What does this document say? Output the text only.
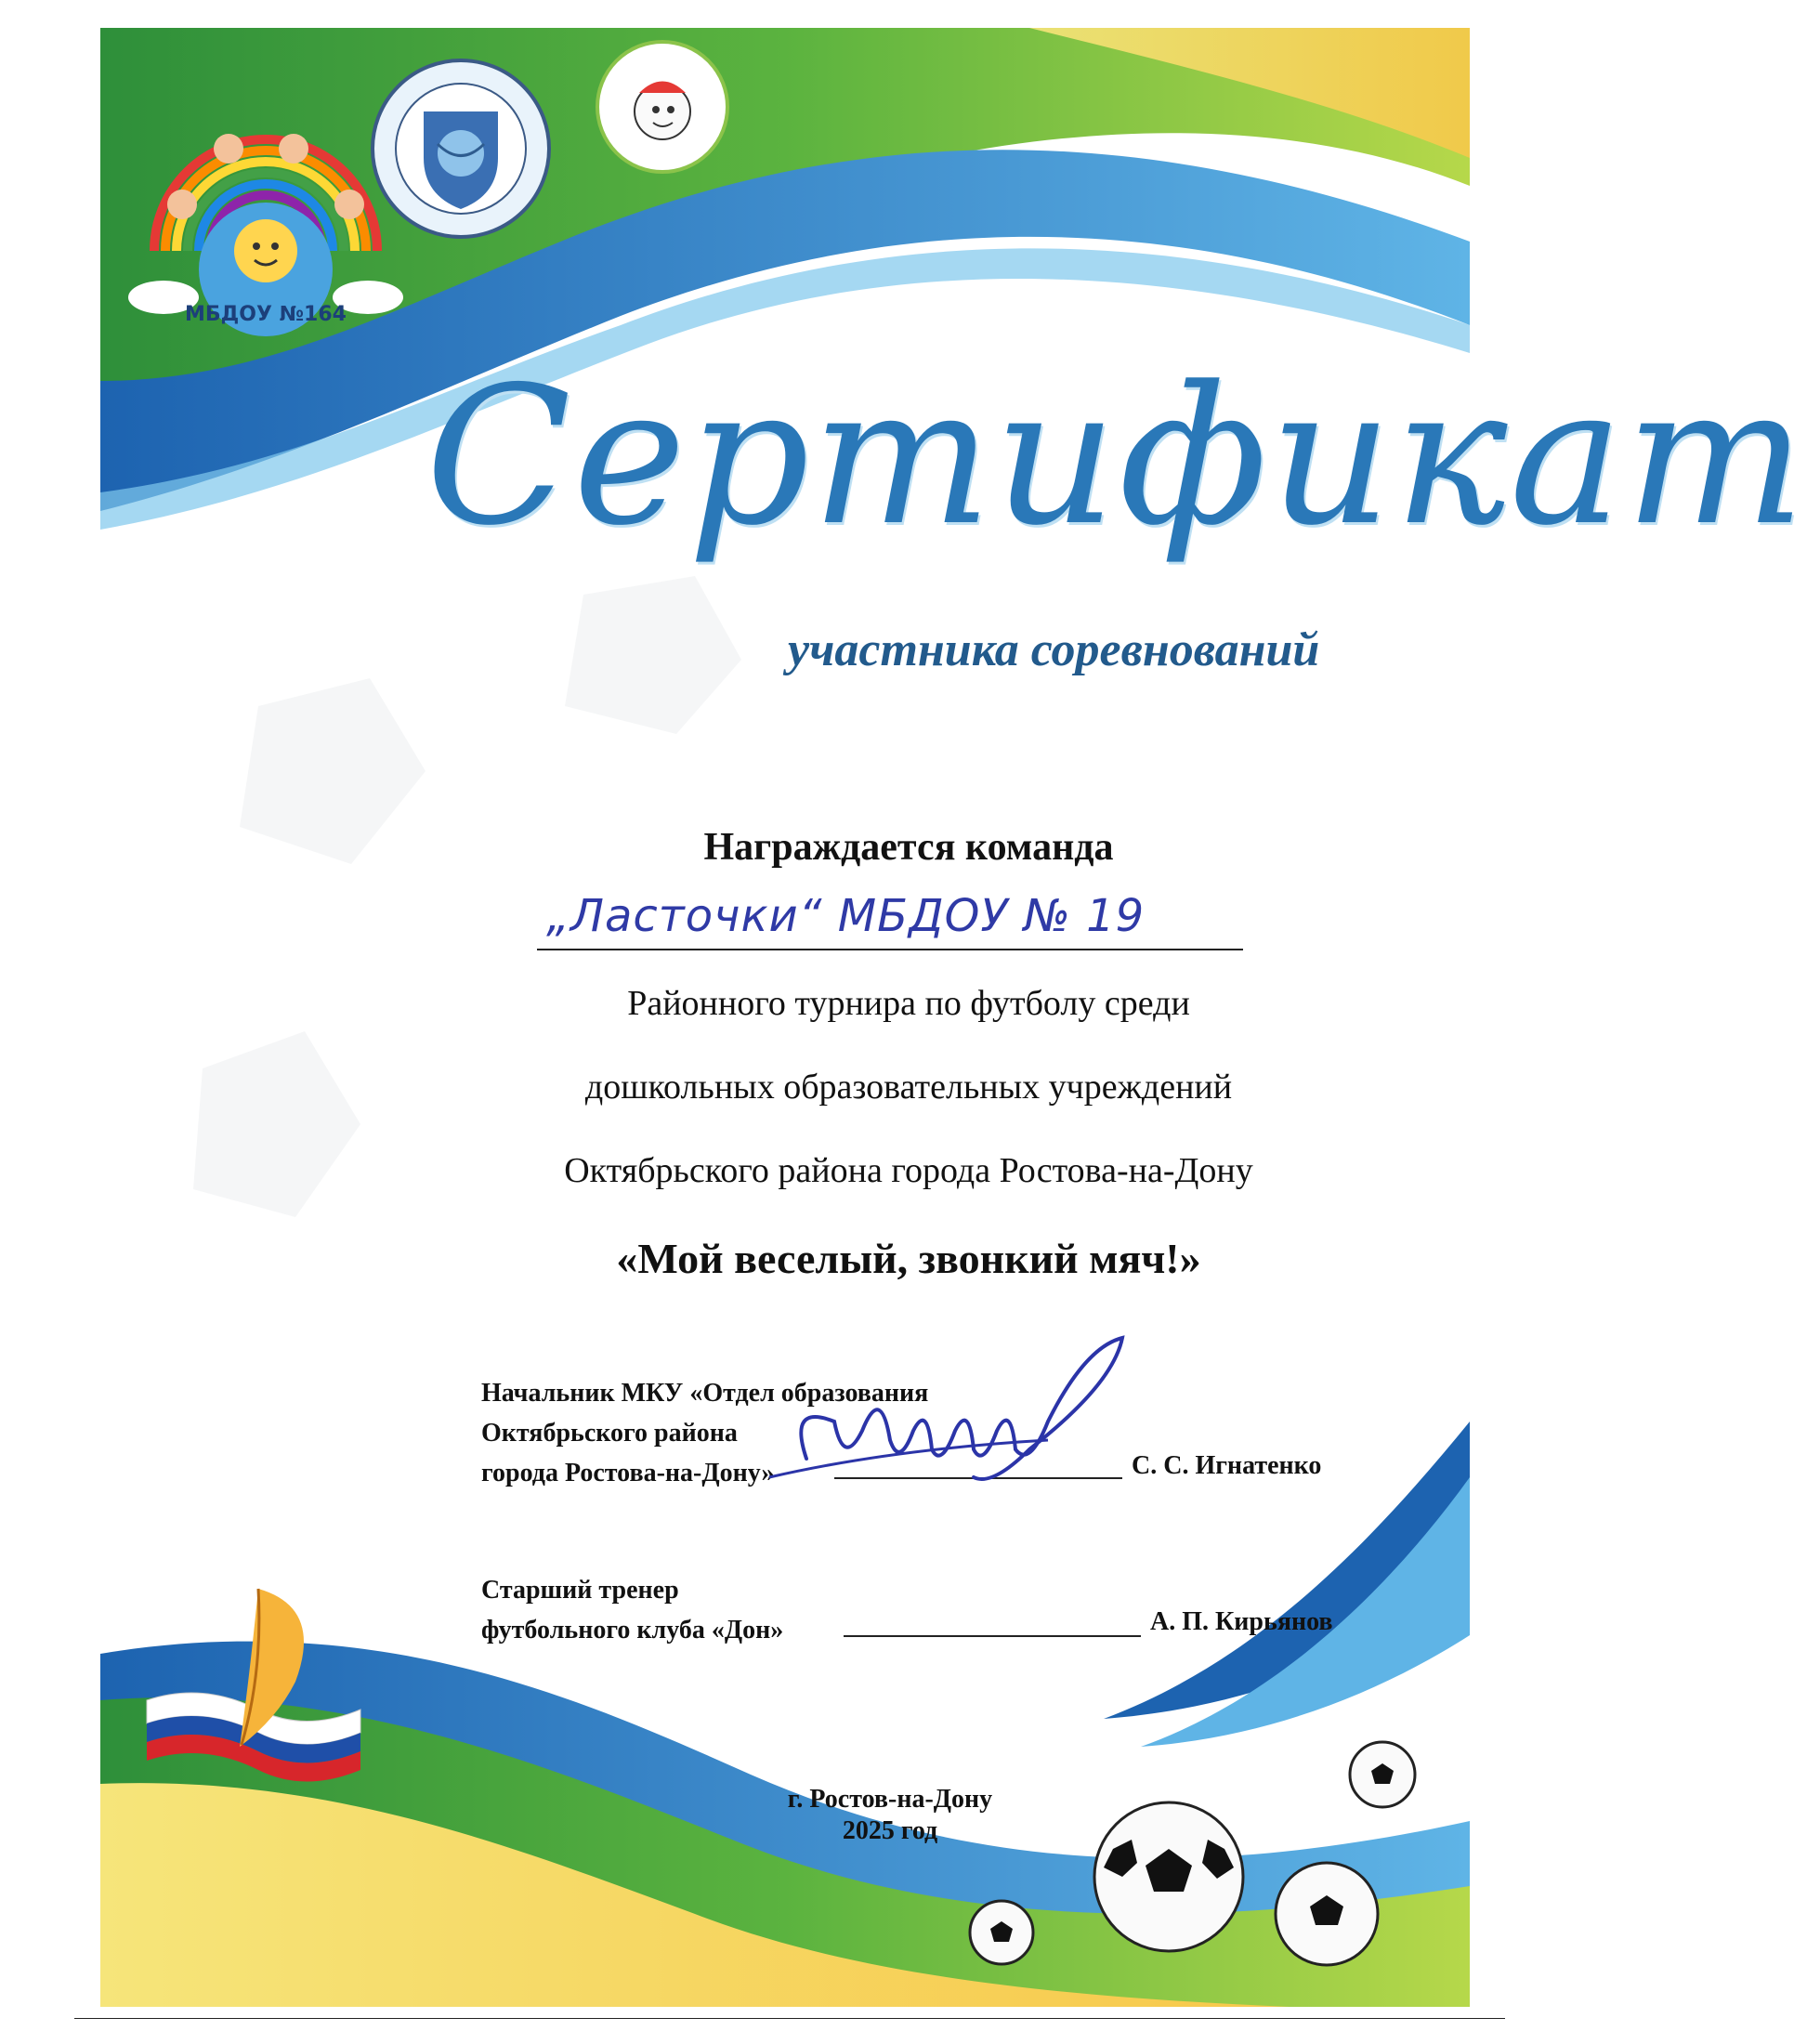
МБДОУ №164
Сертификат
участника соревнований
Награждается команда
„Ласточки“ МБДОУ № 19
Районного турнира по футболу среди
дошкольных образовательных учреждений
Октябрьского района города Ростова-на-Дону
«Мой веселый, звонкий мяч!»
Начальник МКУ «Отдел образования
Октябрьского района
города Ростова-на-Дону»	С. С. Игнатенко
Старший тренер
футбольного клуба «Дон»	А. П. Кирьянов
г. Ростов-на-Дону
2025 год
